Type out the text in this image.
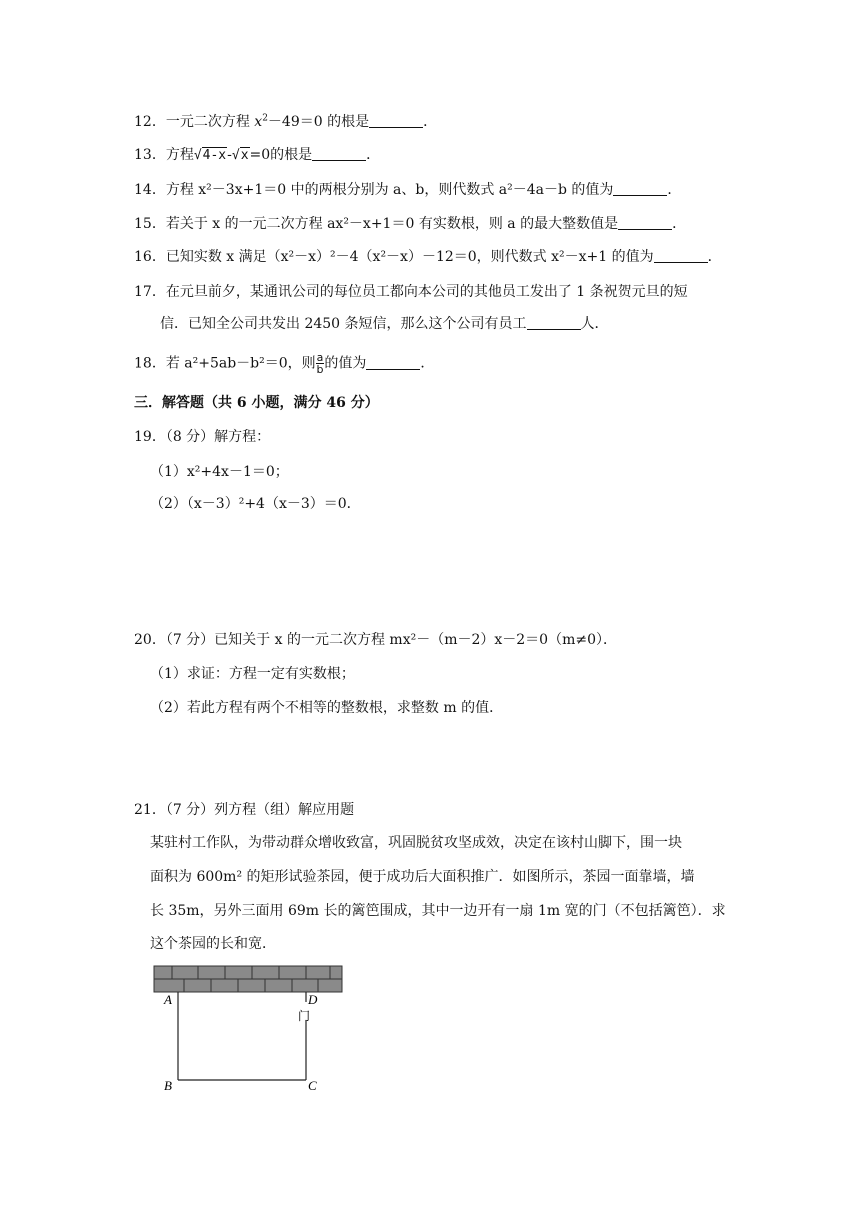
12．一元二次方程 $x^2-49=0$ 的根是	．
13．方程√4-x-√x=0的根是	．
14．方程 x²－3x+1＝0 中的两根分别为 a、b，则代数式 a²－4a－b 的值为	．
15．若关于 x 的一元二次方程 ax²－x+1＝0 有实数根，则 a 的最大整数值是	．
16．已知实数 x 满足（x²－x）²－4（x²－x）－12＝0，则代数式 x²－x+1 的值为	．
17．在元旦前夕，某通讯公司的每位员工都向本公司的其他员工发出了 1 条祝贺元旦的短
信．已知全公司共发出 2450 条短信，那么这个公司有员工	人．
18．若 a²+5ab－b²＝0，则 $\frac{a}{b}$ 的值为	．
三．解答题（共 6 小题，满分 46 分）
19．（8 分）解方程：
（1）x²+4x－1＝0；
（2）（x－3）²+4（x－3）＝0．
20．（7 分）已知关于 x 的一元二次方程 mx²－（m－2）x－2＝0（m≠0）．
（1）求证：方程一定有实数根；
（2）若此方程有两个不相等的整数根，求整数 m 的值．
21．（7 分）列方程（组）解应用题
某驻村工作队，为带动群众增收致富，巩固脱贫攻坚成效，决定在该村山脚下，围一块
面积为 600m² 的矩形试验茶园，便于成功后大面积推广．如图所示，茶园一面靠墙，墙
长 35m，另外三面用 69m 长的篱笆围成，其中一边开有一扇 1m 宽的门（不包括篱笆）．求
这个茶园的长和宽．
A
B	C
D
门
